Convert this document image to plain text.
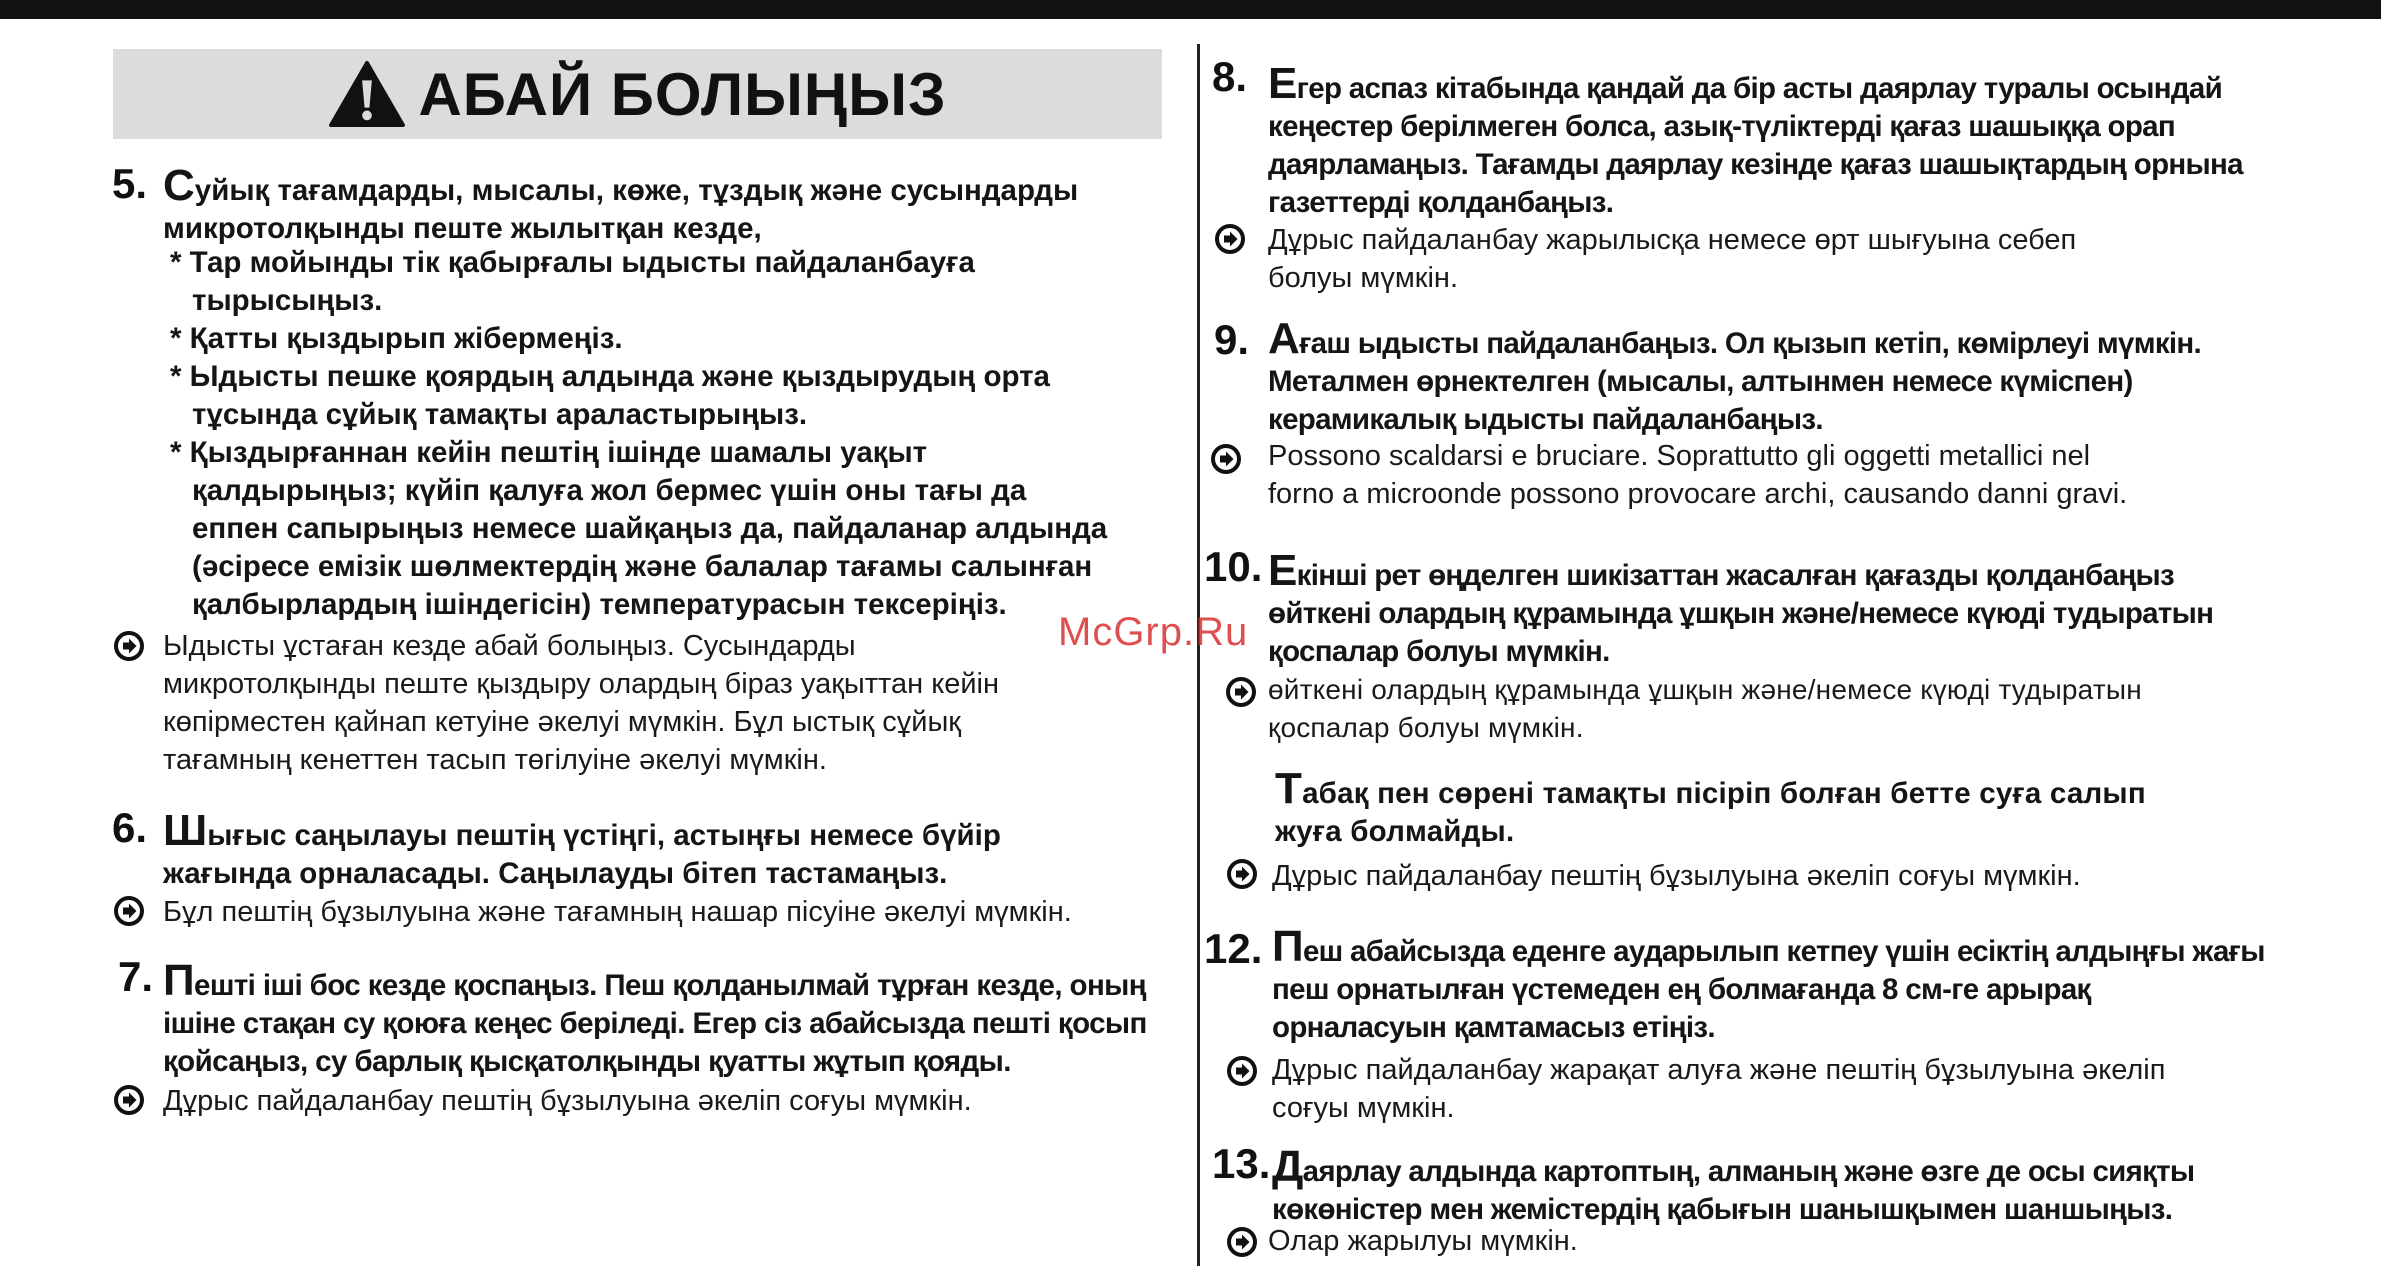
АБАЙ БОЛЫҢЫЗ
5. Суйық тағамдарды, мысалы, көже, тұздық және сусындарды
микротолқынды пеште жылытқан кезде,
* Тар мойынды тік қабырғалы ыдысты пайдаланбауға
тырысыңыз.
* Қатты қыздырып жібермеңіз.
* Ыдысты пешке қоярдың алдында және қыздырудың орта
тұсында сұйық тамақты араластырыңыз.
* Қыздырғаннан кейін пештің ішінде шамалы уақыт
қалдырыңыз; күйіп қалуға жол бермес үшін оны тағы да
еппен сапырыңыз немесе шайқаңыз да, пайдаланар алдында
(әсіресе емізік шөлмектердің және балалар тағамы салынған
қалбырлардың ішіндегісін) температурасын тексеріңіз.
Ыдысты ұстаған кезде абай болыңыз. Сусындарды
микротолқынды пеште қыздыру олардың біраз уақыттан кейін
көпірместен қайнап кетуіне әкелуі мүмкін. Бұл ыстық сұйық
тағамның кенеттен тасып төгілуіне әкелуі мүмкін.
6. Шығыс саңылауы пештің үстіңгі, астыңғы немесе бүйір
жағында орналасады. Саңылауды бітеп тастамаңыз.
Бұл пештің бұзылуына және тағамның нашар пісуіне әкелуі мүмкін.
7. Пешті іші бос кезде қоспаңыз. Пеш қолданылмай тұрған кезде, оның
ішіне стақан су қоюға кеңес беріледі. Егер сіз абайсызда пешті қосып
қойсаңыз, су барлық қысқатолқынды қуатты жұтып қояды.
Дұрыс пайдаланбау пештің бұзылуына әкеліп соғуы мүмкін.
8. Егер аспаз кітабында қандай да бір асты даярлау туралы осындай
кеңестер берілмеген болса, азық-түліктерді қағаз шашыққа орап
даярламаңыз. Тағамды даярлау кезінде қағаз шашықтардың орнына
газеттерді қолданбаңыз.
Дұрыс пайдаланбау жарылысқа немесе өрт шығуына себеп
болуы мүмкін.
9. Ағаш ыдысты пайдаланбаңыз. Ол қызып кетіп, көмірлеуі мүмкін.
Металмен өрнектелген (мысалы, алтынмен немесе күміспен)
керамикалық ыдысты пайдаланбаңыз.
Possono scaldarsi e bruciare. Soprattutto gli oggetti metallici nel
forno a microonde possono provocare archi, causando danni gravi.
10. Екінші рет өңделген шикізаттан жасалған қағазды қолданбаңыз
өйткені олардың құрамында ұшқын және/немесе күюді тудыратын
қоспалар болуы мүмкін.
өйткені олардың құрамында ұшқын және/немесе күюді тудыратын
қоспалар болуы мүмкін.
Табақ пен сөрені тамақты пісіріп болған бетте суға салып
жуға болмайды.
Дұрыс пайдаланбау пештің бұзылуына әкеліп соғуы мүмкін.
12. Пеш абайсызда еденге аударылып кетпеу үшін есіктің алдыңғы жағы
пеш орнатылған үстемеден ең болмағанда 8 см-ге арырақ
орналасуын қамтамасыз етіңіз.
Дұрыс пайдаланбау жарақат алуға және пештің бұзылуына әкеліп
соғуы мүмкін.
13. Даярлау алдында картоптың, алманың және өзге де осы сияқты
көкөністер мен жемістердің қабығын шанышқымен шаншыңыз.
Олар жарылуы мүмкін.
McGrp.Ru
